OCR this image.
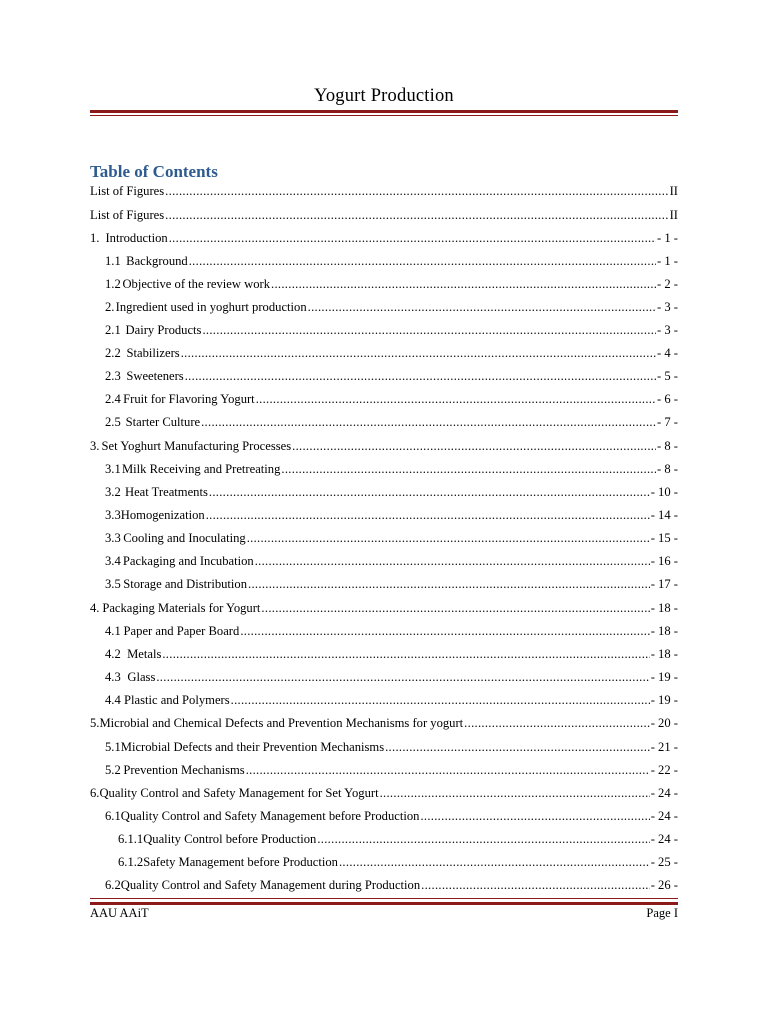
Yogurt Production
Table of Contents
List of Figures .....	II
List of Figures .....	II
1. Introduction .....	- 1 -
1.1 Background .....	- 1 -
1.2 Objective of the review work .....	- 2 -
2. Ingredient used in yoghurt production .....	- 3 -
2.1 Dairy Products .....	- 3 -
2.2 Stabilizers .....	- 4 -
2.3 Sweeteners .....	- 5 -
2.4 Fruit for Flavoring Yogurt .....	- 6 -
2.5 Starter Culture .....	- 7 -
3. Set Yoghurt Manufacturing Processes .....	- 8 -
3.1 Milk Receiving and Pretreating .....	- 8 -
3.2 Heat Treatments .....	- 10 -
3.3 Homogenization .....	- 14 -
3.3 Cooling and Inoculating .....	- 15 -
3.4 Packaging and Incubation .....	- 16 -
3.5 Storage and Distribution .....	- 17 -
4. Packaging Materials for Yogurt .....	- 18 -
4.1 Paper and Paper Board .....	- 18 -
4.2 Metals .....	- 18 -
4.3 Glass .....	- 19 -
4.4 Plastic and Polymers .....	- 19 -
5. Microbial and Chemical Defects and Prevention Mechanisms for yogurt .....	- 20 -
5.1 Microbial Defects and their Prevention Mechanisms .....	- 21 -
5.2 Prevention Mechanisms .....	- 22 -
6. Quality Control and Safety Management for Set Yogurt .....	- 24 -
6.1 Quality Control and Safety Management before Production .....	- 24 -
6.1.1 Quality Control before Production .....	- 24 -
6.1.2 Safety Management before Production .....	- 25 -
6.2 Quality Control and Safety Management during Production .....	- 26 -
AAU AAiT	Page I
